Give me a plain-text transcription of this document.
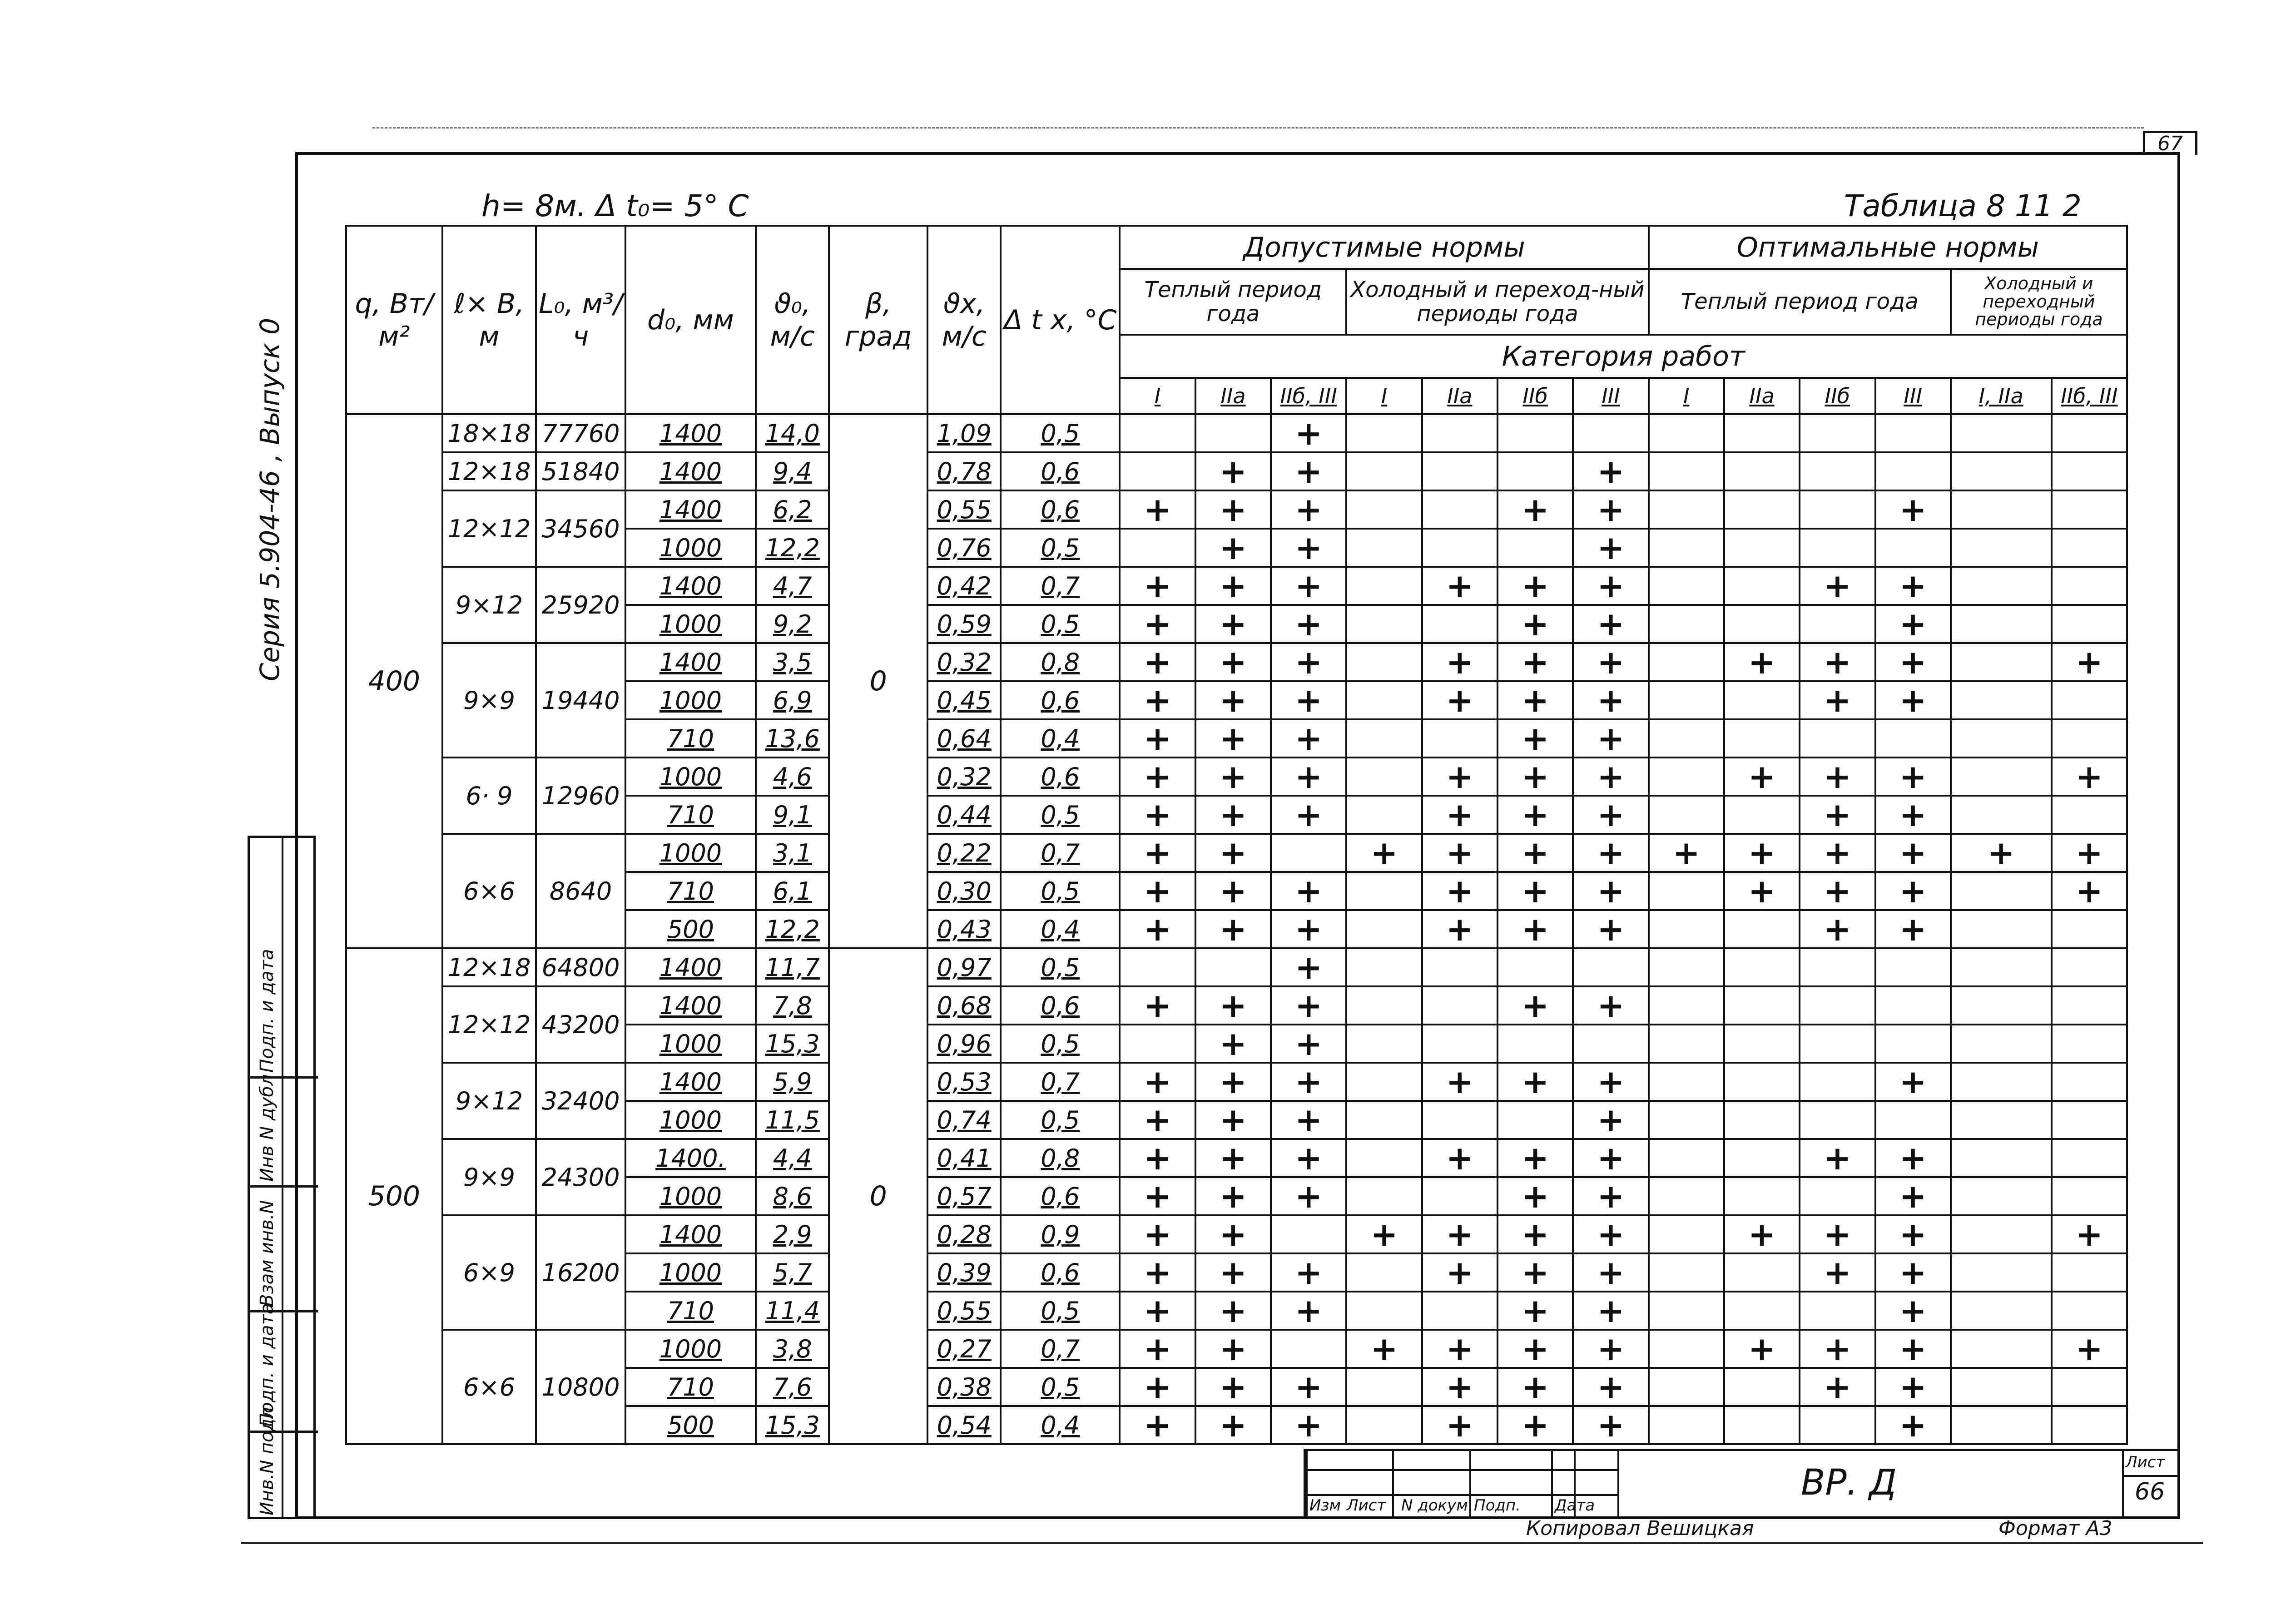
67
Серия 5.904-46 , Выпуск 0
Инв.N подл
Подп. и дата
Взам инв.N
Инв N дубл
Подп. и дата
h= 8м. Δ t₀= 5° С	Таблица 8 11 2
q, Вт/м²	ℓ× В, м	L₀, м³/ч	d₀, мм	ϑ₀, м/с	β, град	ϑх, м/с	Δ t х, °С	Допустимые нормы							Оптимальные нормы					
								Теплый период года			Холодный и переход-ный периоды года				Теплый период года				Холодный и переходный периоды года	
								Категория работ												
								I	IIа	IIб, III	I	IIа	IIб	III	I	IIа	IIб	III	I, IIа	IIб, III
400	18×18	77760	1400	14,0	0	1,09	0,5			+										
	12×18	51840	1400	9,4		0,78	0,6		+	+				+						
	12×12	34560	1400	6,2		0,55	0,6	+	+	+			+	+				+		
			1000	12,2		0,76	0,5		+	+				+						
	9×12	25920	1400	4,7		0,42	0,7	+	+	+		+	+	+			+	+		
			1000	9,2		0,59	0,5	+	+	+			+	+				+		
	9×9	19440	1400	3,5		0,32	0,8	+	+	+		+	+	+		+	+	+		+
			1000	6,9		0,45	0,6	+	+	+		+	+	+			+	+		
			710	13,6		0,64	0,4	+	+	+			+	+						
	6· 9	12960	1000	4,6		0,32	0,6	+	+	+		+	+	+		+	+	+		+
			710	9,1		0,44	0,5	+	+	+		+	+	+			+	+		
	6×6	8640	1000	3,1		0,22	0,7	+	+		+	+	+	+	+	+	+	+	+	+
			710	6,1		0,30	0,5	+	+	+		+	+	+		+	+	+		+
			500	12,2		0,43	0,4	+	+	+		+	+	+			+	+		
500	12×18	64800	1400	11,7	0	0,97	0,5			+										
	12×12	43200	1400	7,8		0,68	0,6	+	+	+			+	+						
			1000	15,3		0,96	0,5		+	+										
	9×12	32400	1400	5,9		0,53	0,7	+	+	+		+	+	+				+		
			1000	11,5		0,74	0,5	+	+	+				+						
	9×9	24300	1400.	4,4		0,41	0,8	+	+	+		+	+	+			+	+		
			1000	8,6		0,57	0,6	+	+	+			+	+				+		
	6×9	16200	1400	2,9		0,28	0,9	+	+		+	+	+	+		+	+	+		+
			1000	5,7		0,39	0,6	+	+	+		+	+	+			+	+		
			710	11,4		0,55	0,5	+	+	+			+	+				+		
	6×6	10800	1000	3,8		0,27	0,7	+	+		+	+	+	+		+	+	+		+
			710	7,6		0,38	0,5	+	+	+		+	+	+			+	+		
			500	15,3		0,54	0,4	+	+	+		+	+	+				+		
Изм Лист N докум Подп. Дата
ВР. Д	Лист
66
Копировал Вешицкая	Формат А3
